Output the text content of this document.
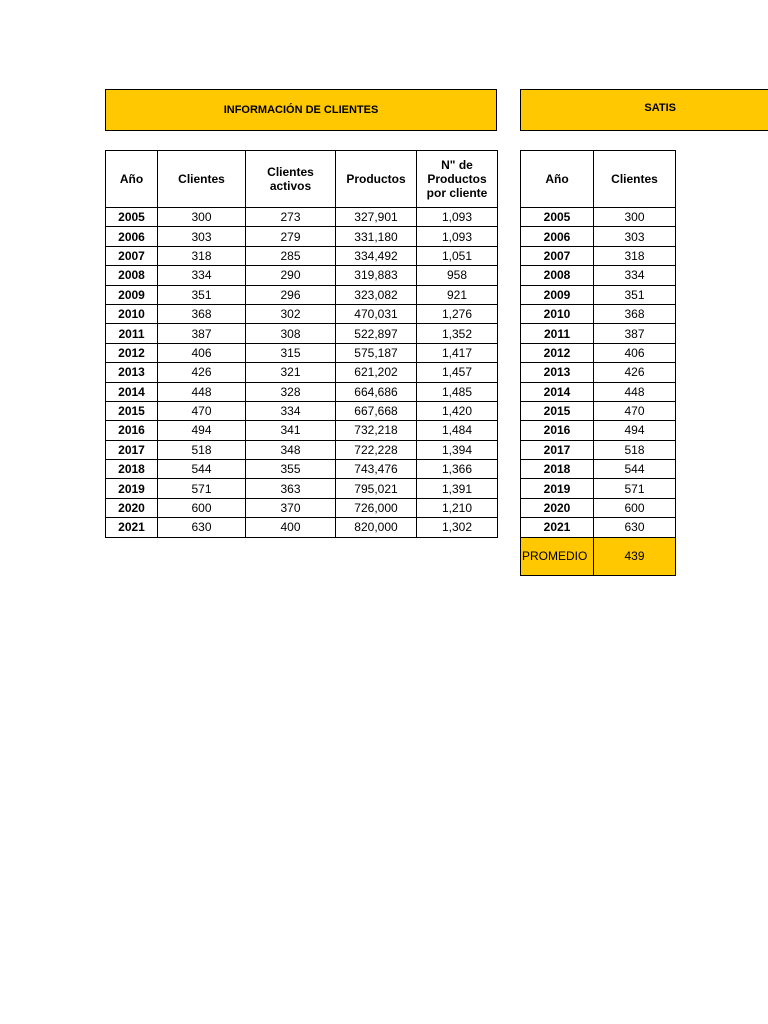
INFORMACIÓN DE CLIENTES	SATIS
Año	Clientes	Clientes activos	Productos	N" de Productos por cliente
2005	300	273	327,901	1,093
2006	303	279	331,180	1,093
2007	318	285	334,492	1,051
2008	334	290	319,883	958
2009	351	296	323,082	921
2010	368	302	470,031	1,276
2011	387	308	522,897	1,352
2012	406	315	575,187	1,417
2013	426	321	621,202	1,457
2014	448	328	664,686	1,485
2015	470	334	667,668	1,420
2016	494	341	732,218	1,484
2017	518	348	722,228	1,394
2018	544	355	743,476	1,366
2019	571	363	795,021	1,391
2020	600	370	726,000	1,210
2021	630	400	820,000	1,302
Año	Clientes
2005	300
2006	303
2007	318
2008	334
2009	351
2010	368
2011	387
2012	406
2013	426
2014	448
2015	470
2016	494
2017	518
2018	544
2019	571
2020	600
2021	630
PROMEDIO	439
